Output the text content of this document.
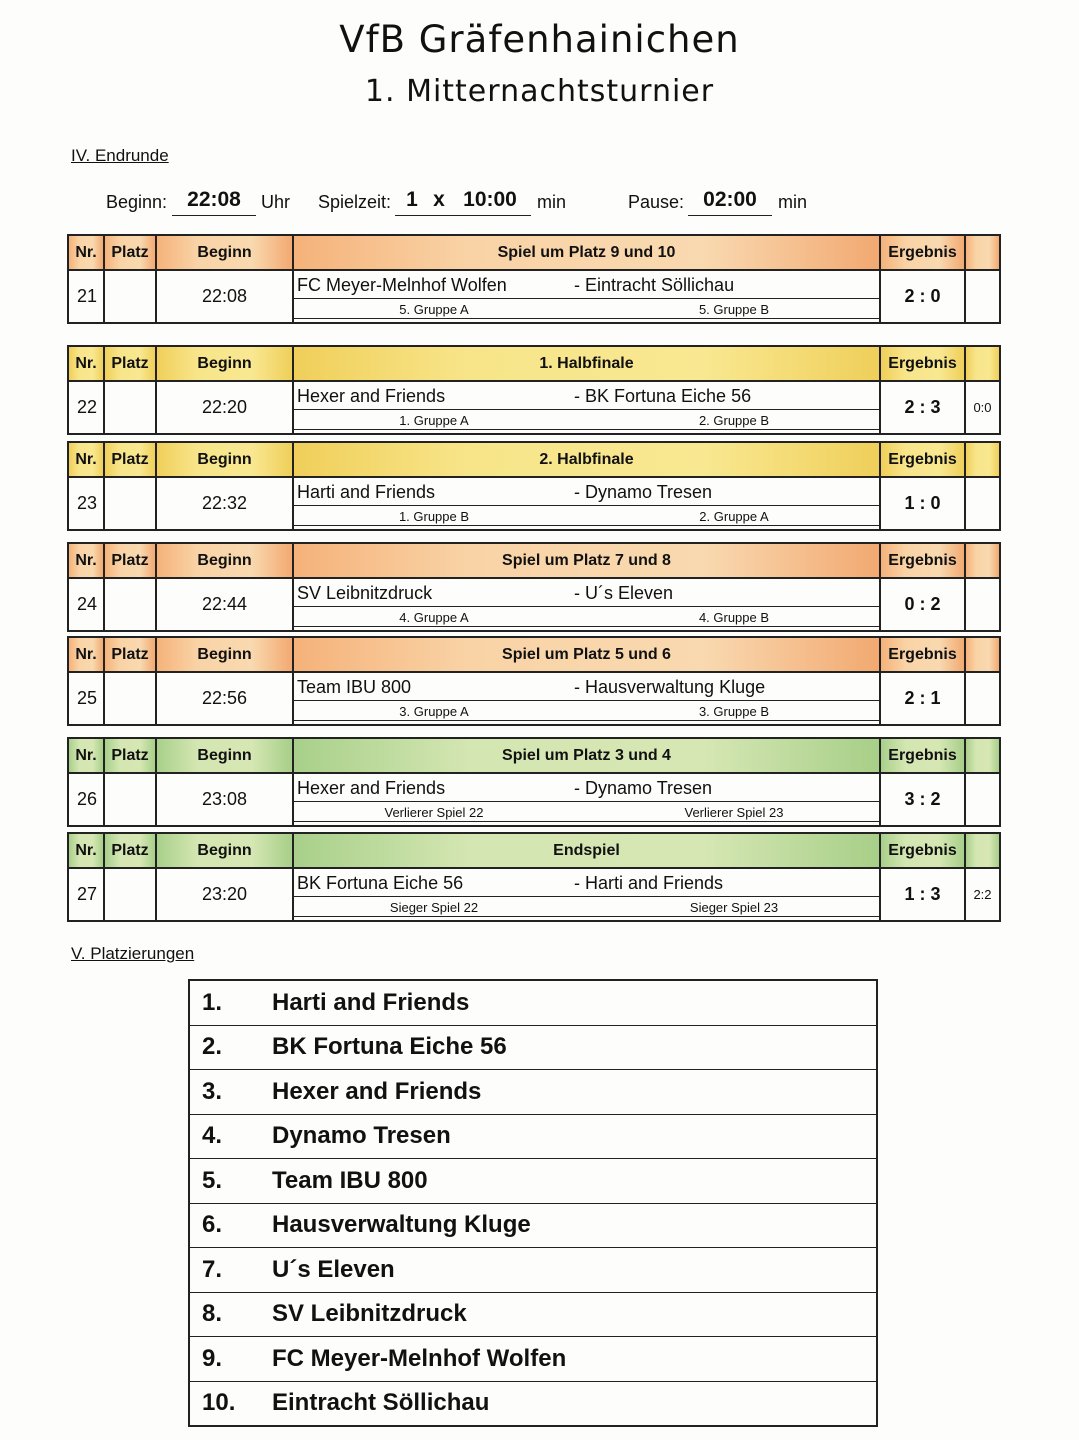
VfB Gräfenhainichen
1. Mitternachtsturnier
IV. Endrunde
Beginn: 22:08	Uhr Spielzeit: 1 x 10:00	min	Pause: 02:00	min
Nr.	Platz	Beginn	Spiel um Platz 9 und 10	Ergebnis	
21		22:08	FC Meyer-Melnhof Wolfen - Eintracht Söllichau
5. Gruppe A 5. Gruppe B	2 : 0	
Nr.	Platz	Beginn	1. Halbfinale	Ergebnis	
22		22:20	Hexer and Friends - BK Fortuna Eiche 56
1. Gruppe A 2. Gruppe B	2 : 3	0:0
Nr.	Platz	Beginn	2. Halbfinale	Ergebnis	
23		22:32	Harti and Friends - Dynamo Tresen
1. Gruppe B 2. Gruppe A	1 : 0	
Nr.	Platz	Beginn	Spiel um Platz 7 und 8	Ergebnis	
24		22:44	SV Leibnitzdruck - U´s Eleven
4. Gruppe A 4. Gruppe B	0 : 2	
Nr.	Platz	Beginn	Spiel um Platz 5 und 6	Ergebnis	
25		22:56	Team IBU 800 - Hausverwaltung Kluge
3. Gruppe A 3. Gruppe B	2 : 1	
Nr.	Platz	Beginn	Spiel um Platz 3 und 4	Ergebnis	
26		23:08	Hexer and Friends - Dynamo Tresen
Verlierer Spiel 22 Verlierer Spiel 23	3 : 2	
Nr.	Platz	Beginn	Endspiel	Ergebnis	
27		23:20	BK Fortuna Eiche 56 - Harti and Friends
Sieger Spiel 22 Sieger Spiel 23	1 : 3	2:2
V. Platzierungen
1.	Harti and Friends
2.	BK Fortuna Eiche 56
3.	Hexer and Friends
4.	Dynamo Tresen
5.	Team IBU 800
6.	Hausverwaltung Kluge
7.	U´s Eleven
8.	SV Leibnitzdruck
9.	FC Meyer-Melnhof Wolfen
10.	Eintracht Söllichau
